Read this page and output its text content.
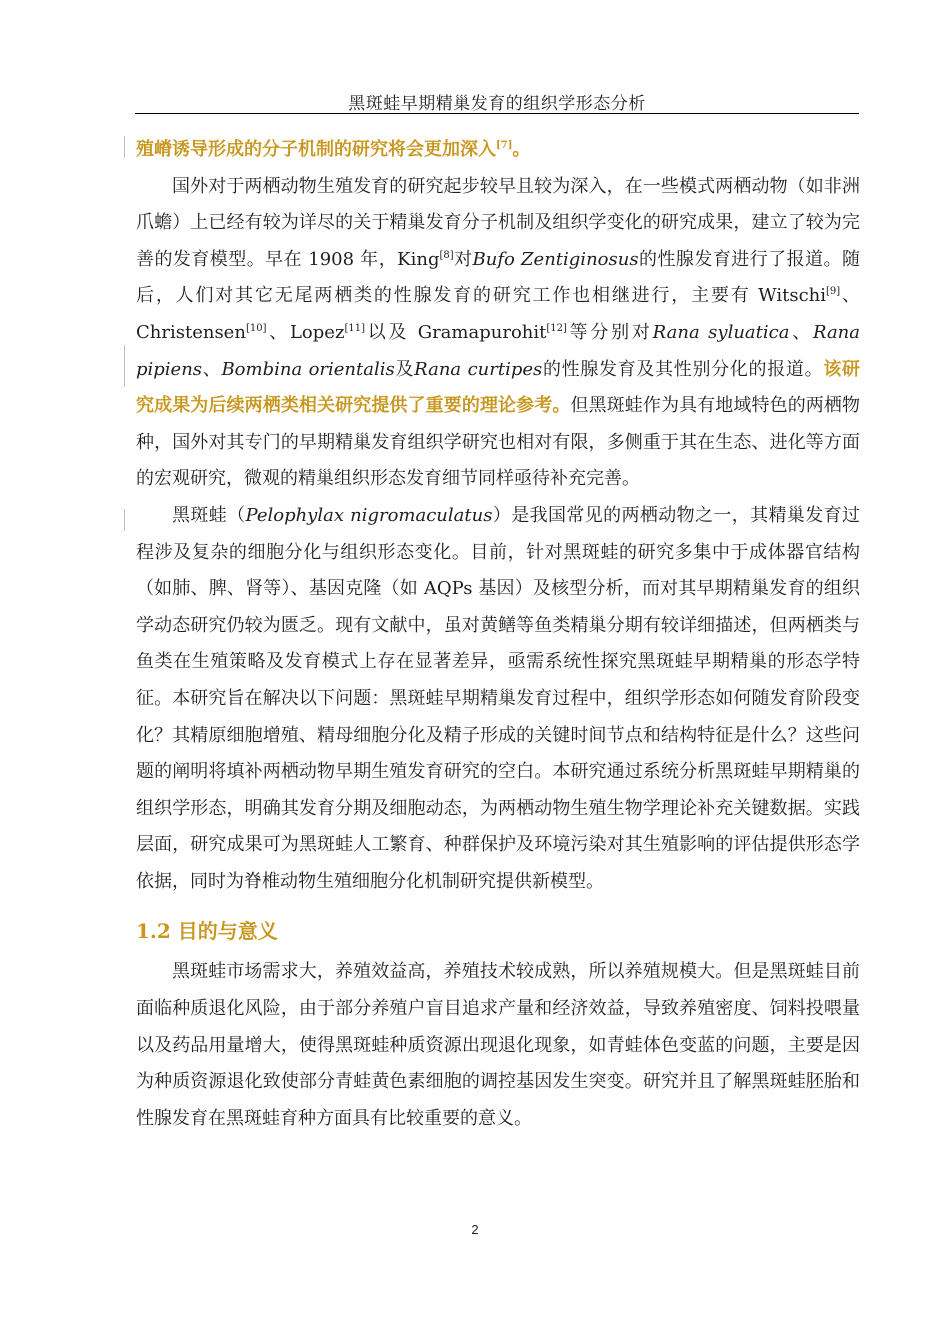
黑斑蛙早期精巢发育的组织学形态分析

殖嵴诱导形成的分子机制的研究将会更加深入[7]。

国外对于两栖动物生殖发育的研究起步较早且较为深入，在一些模式两栖动物（如非洲爪蟾）上已经有较为详尽的关于精巢发育分子机制及组织学变化的研究成果，建立了较为完善的发育模型。早在 1908 年，King[8]对Bufo Zentiginosus的性腺发育进行了报道。随后，人们对其它无尾两栖类的性腺发育的研究工作也相继进行，主要有 Witschi[9]、Christensen[10]、Lopez[11]以及 Gramapurohit[12]等分别对Rana syluatica、Rana pipiens、Bombina orientalis及Rana curtipes的性腺发育及其性别分化的报道。该研究成果为后续两栖类相关研究提供了重要的理论参考。但黑斑蛙作为具有地域特色的两栖物种，国外对其专门的早期精巢发育组织学研究也相对有限，多侧重于其在生态、进化等方面的宏观研究，微观的精巢组织形态发育细节同样亟待补充完善。

黑斑蛙（Pelophylax nigromaculatus）是我国常见的两栖动物之一，其精巢发育过程涉及复杂的细胞分化与组织形态变化。目前，针对黑斑蛙的研究多集中于成体器官结构（如肺、脾、肾等）、基因克隆（如 AQPs 基因）及核型分析，而对其早期精巢发育的组织学动态研究仍较为匮乏。现有文献中，虽对黄鳝等鱼类精巢分期有较详细描述，但两栖类与鱼类在生殖策略及发育模式上存在显著差异，亟需系统性探究黑斑蛙早期精巢的形态学特征。本研究旨在解决以下问题：黑斑蛙早期精巢发育过程中，组织学形态如何随发育阶段变化？其精原细胞增殖、精母细胞分化及精子形成的关键时间节点和结构特征是什么？这些问题的阐明将填补两栖动物早期生殖发育研究的空白。本研究通过系统分析黑斑蛙早期精巢的组织学形态，明确其发育分期及细胞动态，为两栖动物生殖生物学理论补充关键数据。实践层面，研究成果可为黑斑蛙人工繁育、种群保护及环境污染对其生殖影响的评估提供形态学依据，同时为脊椎动物生殖细胞分化机制研究提供新模型。

1.2 目的与意义

黑斑蛙市场需求大，养殖效益高，养殖技术较成熟，所以养殖规模大。但是黑斑蛙目前面临种质退化风险，由于部分养殖户盲目追求产量和经济效益，导致养殖密度、饲料投喂量以及药品用量增大，使得黑斑蛙种质资源出现退化现象，如青蛙体色变蓝的问题，主要是因为种质资源退化致使部分青蛙黄色素细胞的调控基因发生突变。研究并且了解黑斑蛙胚胎和性腺发育在黑斑蛙育种方面具有比较重要的意义。

2
